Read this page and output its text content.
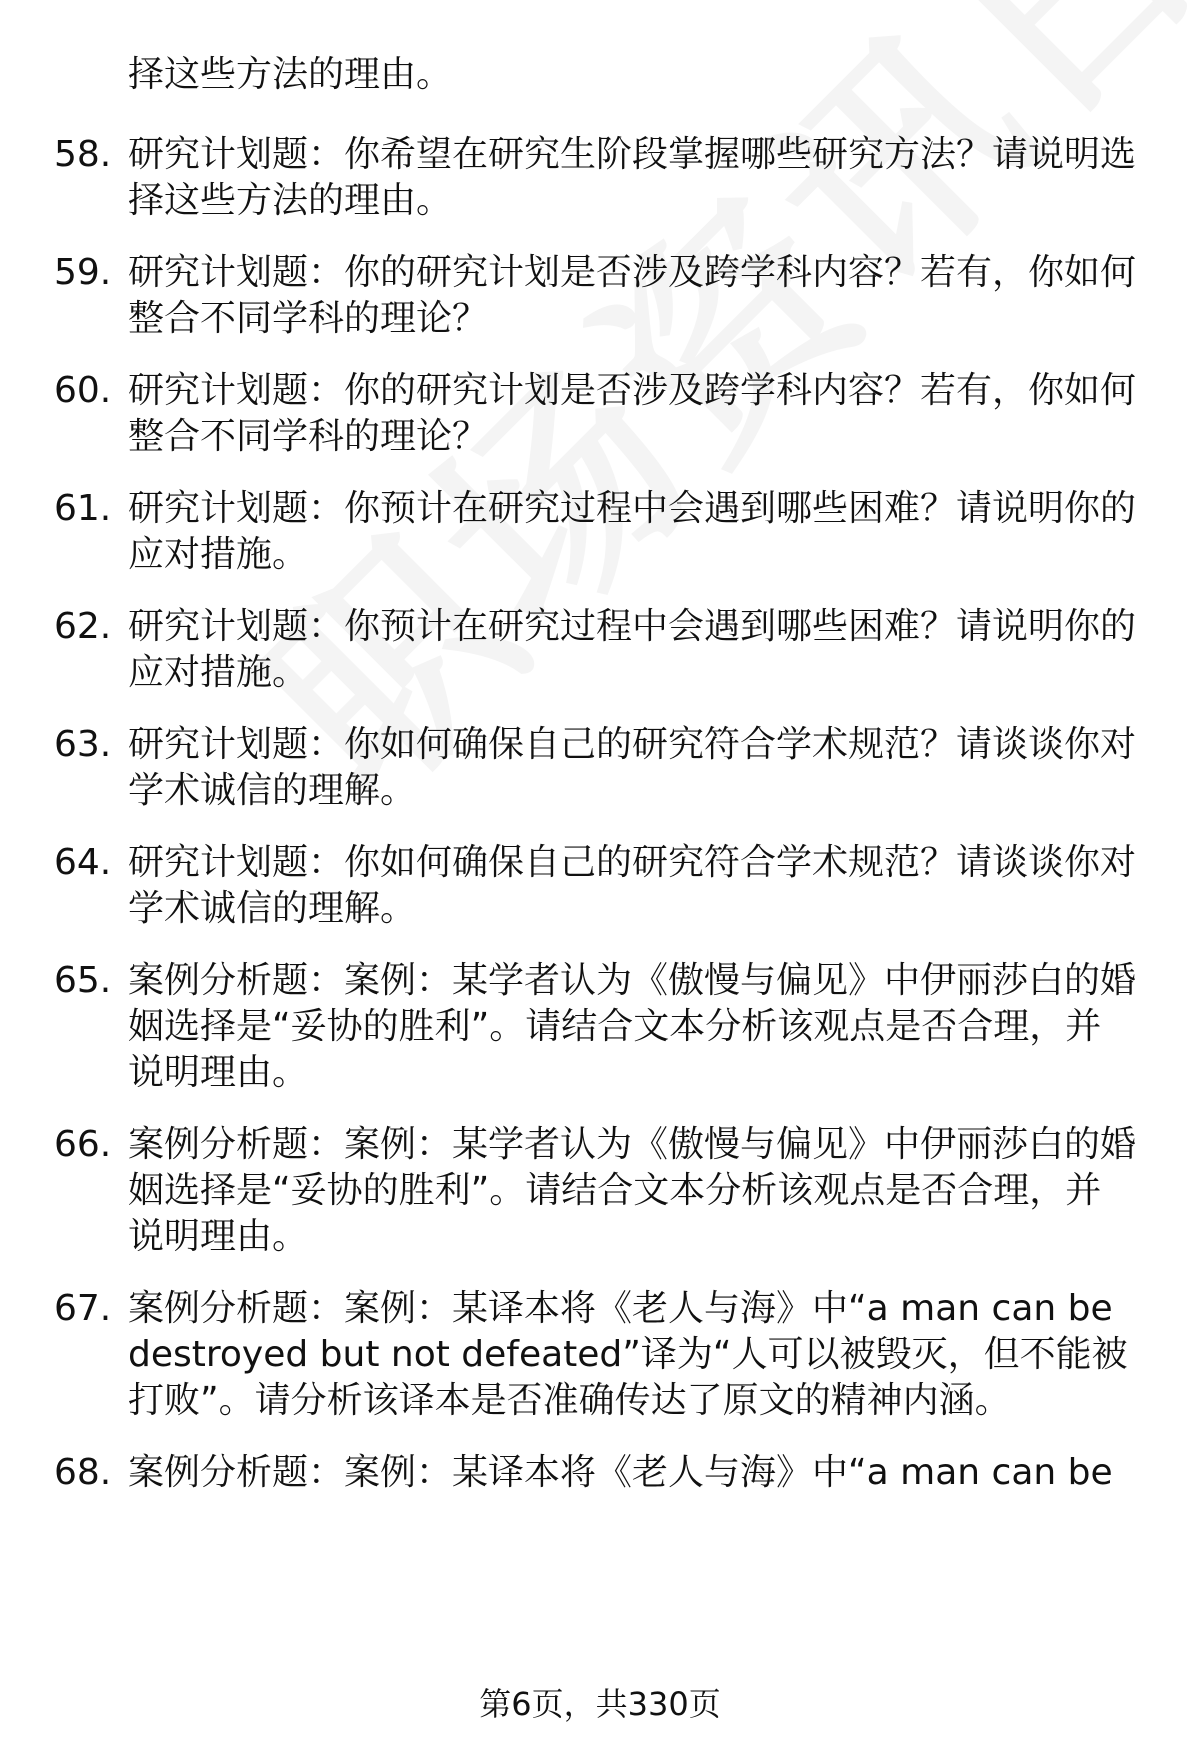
择这些方法的理由。
58. 研究计划题：你希望在研究生阶段掌握哪些研究方法？请说明选
择这些方法的理由。
59. 研究计划题：你的研究计划是否涉及跨学科内容？若有，你如何
整合不同学科的理论？
60. 研究计划题：你的研究计划是否涉及跨学科内容？若有，你如何
整合不同学科的理论？
61. 研究计划题：你预计在研究过程中会遇到哪些困难？请说明你的
应对措施。
62. 研究计划题：你预计在研究过程中会遇到哪些困难？请说明你的
应对措施。
63. 研究计划题：你如何确保自己的研究符合学术规范？请谈谈你对
学术诚信的理解。
64. 研究计划题：你如何确保自己的研究符合学术规范？请谈谈你对
学术诚信的理解。
65. 案例分析题：案例：某学者认为《傲慢与偏见》中伊丽莎白的婚
姻选择是“妥协的胜利”。请结合文本分析该观点是否合理，并
说明理由。
66. 案例分析题：案例：某学者认为《傲慢与偏见》中伊丽莎白的婚
姻选择是“妥协的胜利”。请结合文本分析该观点是否合理，并
说明理由。
67. 案例分析题：案例：某译本将《老人与海》中“a man can be
destroyed but not defeated”译为“人可以被毁灭，但不能被
打败”。请分析该译本是否准确传达了原文的精神内涵。
68. 案例分析题：案例：某译本将《老人与海》中“a man can be
第6页，共330页
